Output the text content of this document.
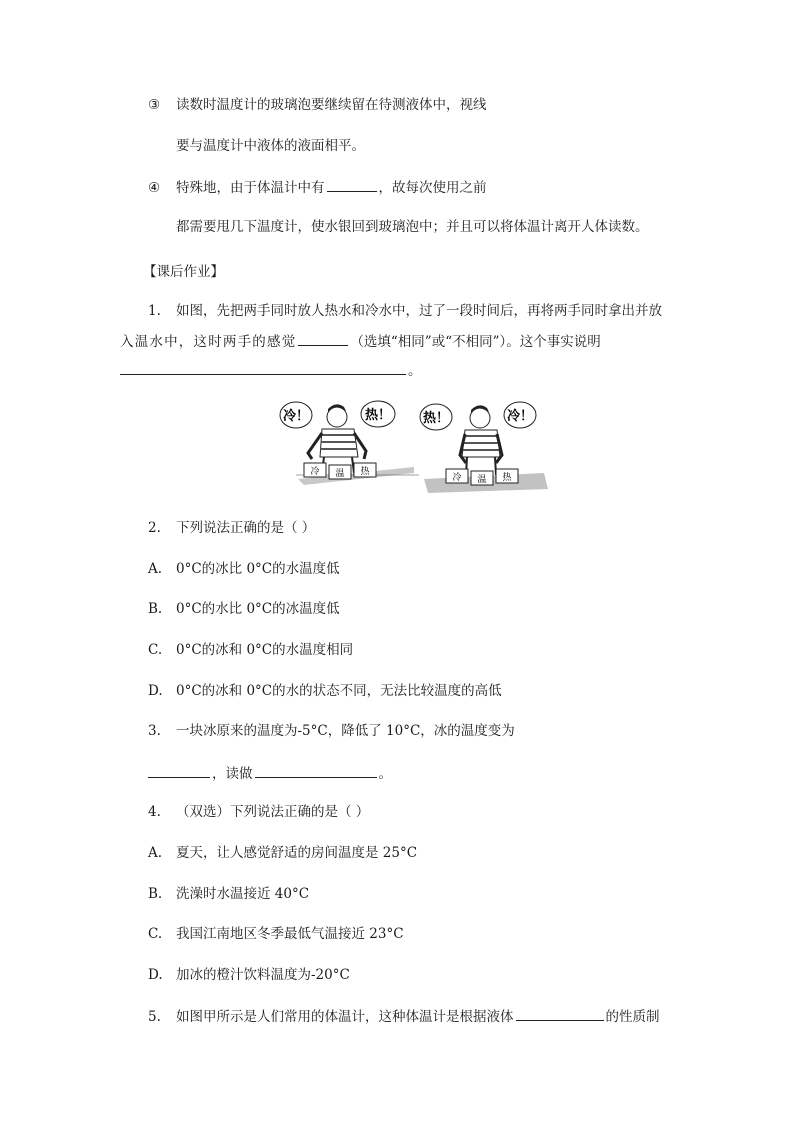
③ 读数时温度计的玻璃泡要继续留在待测液体中，视线
要与温度计中液体的液面相平。
④ 特殊地，由于体温计中有	，故每次使用之前
都需要甩几下温度计，使水银回到玻璃泡中；并且可以将体温计离开人体读数。
【课后作业】
1. 如图，先把两手同时放人热水和冷水中，过了一段时间后，再将两手同时拿出并放
入温水中，这时两手的感觉	（选填“相同”或“不相同”）。这个事实说明
。
冷！	热！
冷 温 热
热！	冷！
冷 温 热
2. 下列说法正确的是（ ）
A. 0°C的冰比 0°C的水温度低
B. 0°C的水比 0°C的冰温度低
C. 0°C的冰和 0°C的水温度相同
D. 0°C的冰和 0°C的水的状态不同，无法比较温度的高低
3. 一块冰原来的温度为-5°C，降低了 10°C，冰的温度变为
，读做	。
4. （双选）下列说法正确的是（ ）
A. 夏天，让人感觉舒适的房间温度是 25°C
B. 洗澡时水温接近 40°C
C. 我国江南地区冬季最低气温接近 23°C
D. 加冰的橙汁饮料温度为-20°C
5. 如图甲所示是人们常用的体温计，这种体温计是根据液体	的性质制
